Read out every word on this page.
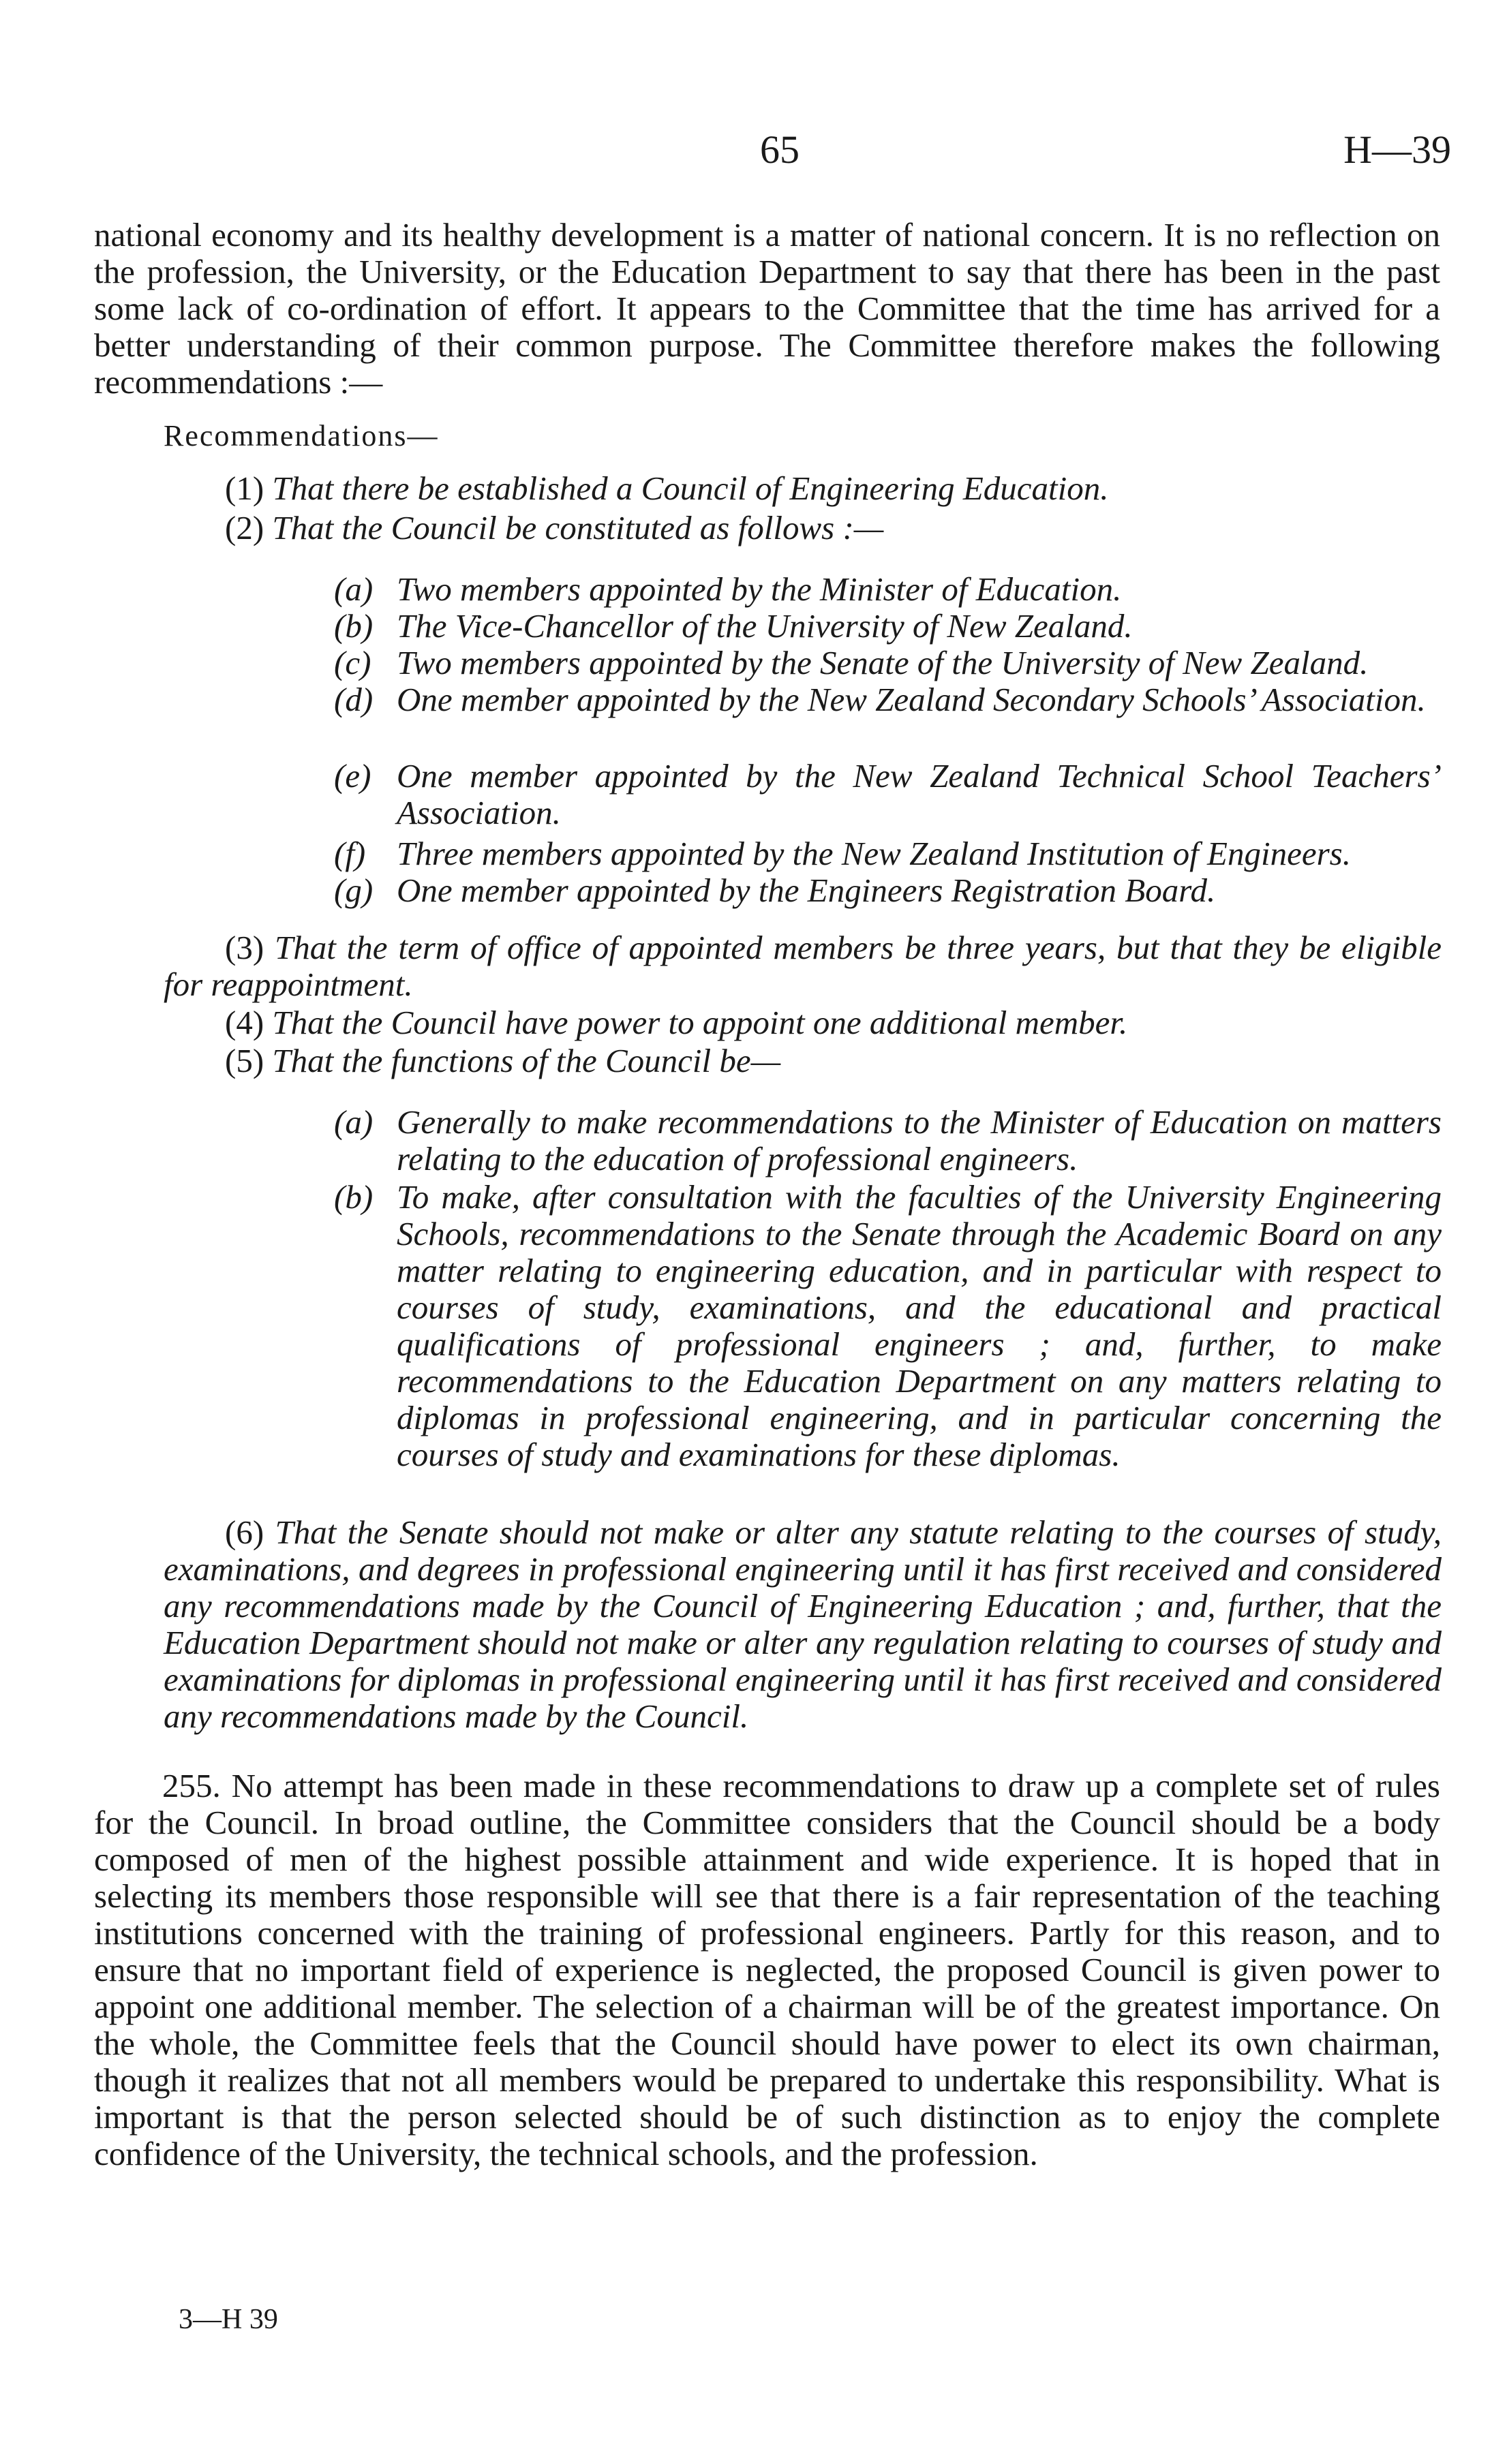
65	H—39
national economy and its healthy development is a matter of national concern. It is no reflection on the profession, the University, or the Education Department to say that there has been in the past some lack of co-ordination of effort. It appears to the Committee that the time has arrived for a better understanding of their common purpose. The Committee therefore makes the following recommendations :—
Recommendations—
(1) That there be established a Council of Engineering Education.
(2) That the Council be constituted as follows :—
(a) Two members appointed by the Minister of Education.
(b) The Vice-Chancellor of the University of New Zealand.
(c) Two members appointed by the Senate of the University of New Zealand.
(d) One member appointed by the New Zealand Secondary Schools’ Association.
(e) One member appointed by the New Zealand Technical School Teachers’ Association.
(f) Three members appointed by the New Zealand Institution of Engineers.
(g) One member appointed by the Engineers Registration Board.
(3) That the term of office of appointed members be three years, but that they be eligible for reappointment.
(4) That the Council have power to appoint one additional member.
(5) That the functions of the Council be—
(a) Generally to make recommendations to the Minister of Education on matters relating to the education of professional engineers.
(b) To make, after consultation with the faculties of the University Engineering Schools, recommendations to the Senate through the Academic Board on any matter relating to engineering education, and in particular with respect to courses of study, examinations, and the educational and practical qualifications of professional engineers ; and, further, to make recommendations to the Education Department on any matters relating to diplomas in professional engineering, and in particular concerning the courses of study and examinations for these diplomas.
(6) That the Senate should not make or alter any statute relating to the courses of study, examinations, and degrees in professional engineering until it has first received and considered any recommendations made by the Council of Engineering Education ; and, further, that the Education Department should not make or alter any regulation relating to courses of study and examinations for diplomas in professional engineering until it has first received and considered any recommendations made by the Council.
255. No attempt has been made in these recommendations to draw up a complete set of rules for the Council. In broad outline, the Committee considers that the Council should be a body composed of men of the highest possible attainment and wide experience. It is hoped that in selecting its members those responsible will see that there is a fair representation of the teaching institutions concerned with the training of professional engineers. Partly for this reason, and to ensure that no important field of experience is neglected, the proposed Council is given power to appoint one additional member. The selection of a chairman will be of the greatest importance. On the whole, the Committee feels that the Council should have power to elect its own chairman, though it realizes that not all members would be prepared to undertake this responsibility. What is important is that the person selected should be of such distinction as to enjoy the complete confidence of the University, the technical schools, and the profession.
3—H 39
